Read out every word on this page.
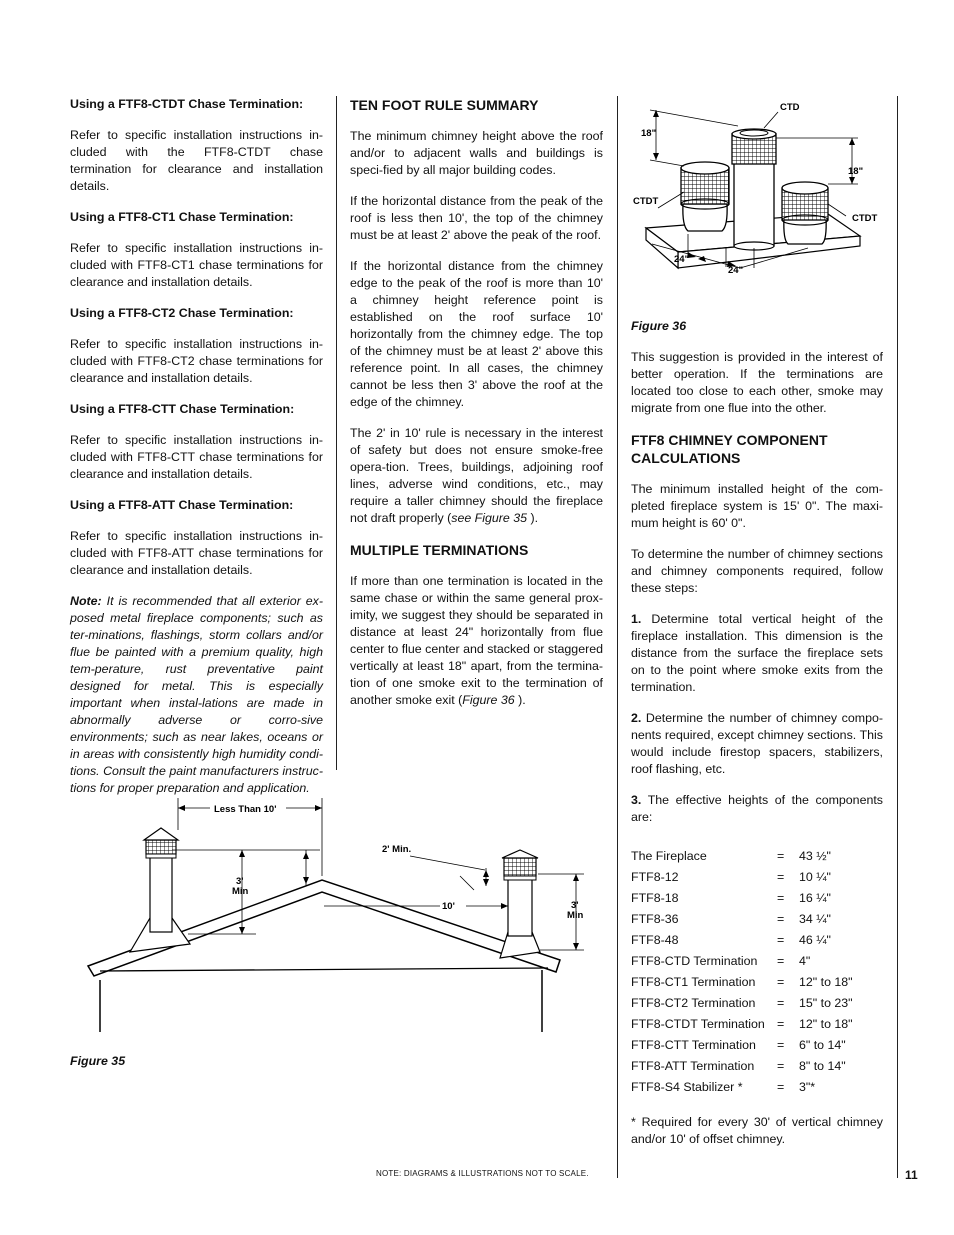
Using a FTF8-CTDT Chase Termination:

Refer to specific installation instructions in-cluded with the FTF8-CTDT chase termination for clearance and installation details.

Using a FTF8-CT1 Chase Termination:

Refer to specific installation instructions in-cluded with FTF8-CT1 chase terminations for clearance and installation details.

Using a FTF8-CT2 Chase Termination:

Refer to specific installation instructions in-cluded with FTF8-CT2 chase terminations for clearance and installation details.

Using a FTF8-CTT Chase Termination:

Refer to specific installation instructions in-cluded with FTF8-CTT chase terminations for clearance and installation details.

Using a FTF8-ATT Chase Termination:

Refer to specific installation instructions in-cluded with FTF8-ATT chase terminations for clearance and installation details.

Note: It is recommended that all exterior ex-posed metal fireplace components; such as ter-minations, flashings, storm collars and/or flue be painted with a premium quality, high tem-perature, rust preventative paint designed for metal. This is especially important when instal-lations are made in abnormally adverse or corro-sive environments; such as near lakes, oceans or in areas with consistently high humidity condi-tions. Consult the paint manufacturers instruc-tions for proper preparation and application.

TEN FOOT RULE SUMMARY

The minimum chimney height above the roof and/or to adjacent walls and buildings is speci-fied by all major building codes.

If the horizontal distance from the peak of the roof is less then 10', the top of the chimney must be at least 2' above the peak of the roof.

If the horizontal distance from the chimney edge to the peak of the roof is more than 10' a chimney height reference point is established on the roof surface 10' horizontally from the chimney edge. The top of the chimney must be at least 2' above this reference point. In all cases, the chimney cannot be less then 3' above the roof at the edge of the chimney.

The 2' in 10' rule is necessary in the interest of safety but does not ensure smoke-free opera-tion. Trees, buildings, adjoining roof lines, adverse wind conditions, etc., may require a taller chimney should the fireplace not draft properly (see Figure 35 ).

MULTIPLE TERMINATIONS

If more than one termination is located in the same chase or within the same general prox-imity, we suggest they should be separated in distance at least 24" horizontally from flue center to flue center and stacked or staggered vertically at least 18" apart, from the termina-tion of one smoke exit to the termination of another smoke exit (Figure 36 ).

CTD
18"
18"
CTDT
CTDT
24"
24"

Figure 36

This suggestion is provided in the interest of better operation. If the terminations are located too close to each other, smoke may migrate from one flue into the other.

FTF8 CHIMNEY COMPONENT CALCULATIONS

The minimum installed height of the com-pleted fireplace system is 15' 0". The maxi-mum height is 60' 0".

To determine the number of chimney sections and chimney components required, follow these steps:

1. Determine total vertical height of the fireplace installation. This dimension is the distance from the surface the fireplace sets on to the point where smoke exits from the termination.

2. Determine the number of chimney compo-nents required, except chimney sections. This would include firestop spacers, stabilizers, roof flashing, etc.

3. The effective heights of the components are:

The Fireplace	=	43 ½"
FTF8-12	=	10 ¼"
FTF8-18	=	16 ¼"
FTF8-36	=	34 ¼"
FTF8-48	=	46 ¼"
FTF8-CTD Termination	=	4"
FTF8-CT1 Termination	=	12" to 18"
FTF8-CT2 Termination	=	15" to 23"
FTF8-CTDT Termination	=	12" to 18"
FTF8-CTT Termination	=	6" to 14"
FTF8-ATT Termination	=	8" to 14"
FTF8-S4 Stabilizer *	=	3"*

* Required for every 30' of vertical chimney and/or 10' of offset chimney.

Less Than 10'
3'
Min
2' Min.
10'	3'
Min
Figure 35
NOTE: DIAGRAMS & ILLUSTRATIONS NOT TO SCALE.	11
